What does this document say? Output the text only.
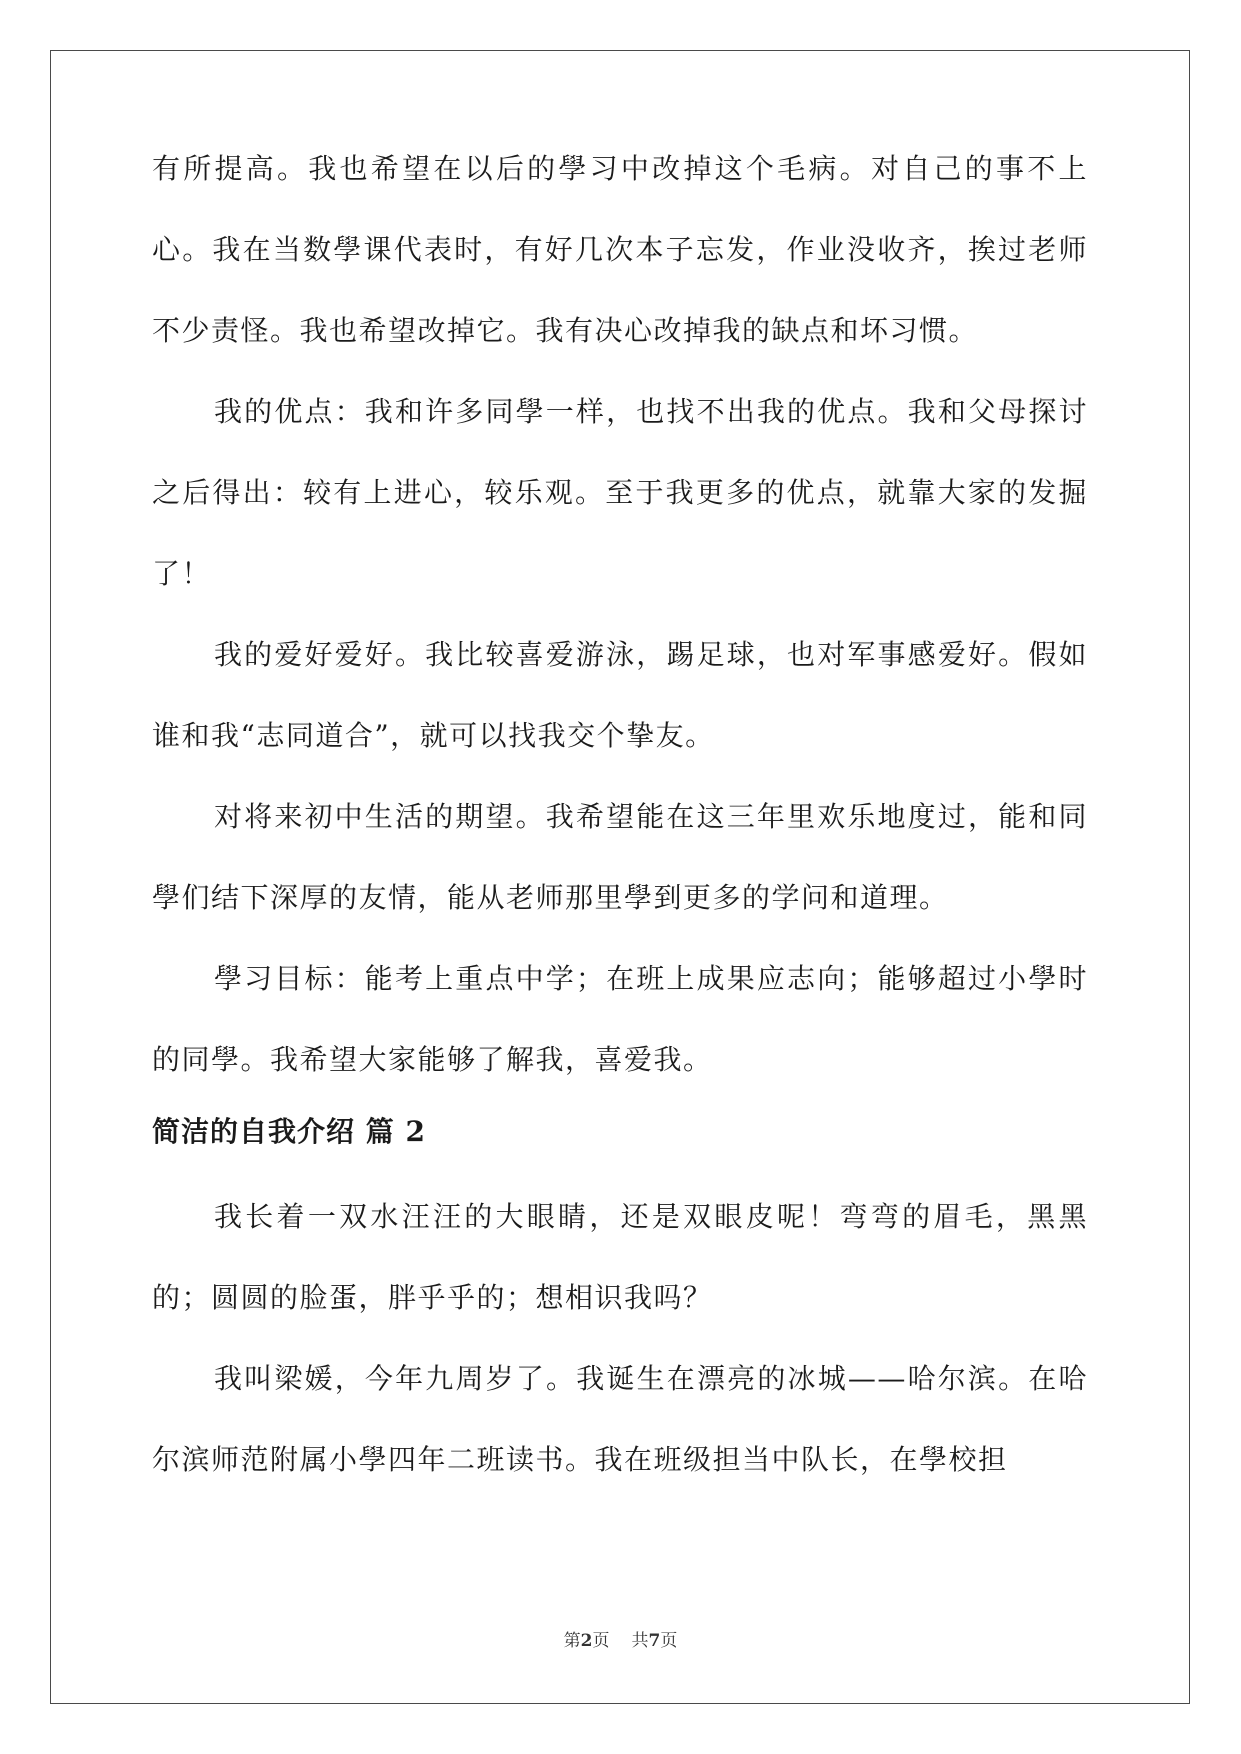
有所提高。我也希望在以后的學习中改掉这个毛病。对自己的事不上心。我在当数學课代表时，有好几次本子忘发，作业没收齐，挨过老师不少责怪。我也希望改掉它。我有决心改掉我的缺点和坏习惯。

我的优点：我和许多同學一样，也找不出我的优点。我和父母探讨之后得出：较有上进心，较乐观。至于我更多的优点，就靠大家的发掘了！

我的爱好爱好。我比较喜爱游泳，踢足球，也对军事感爱好。假如谁和我“志同道合”，就可以找我交个挚友。

对将来初中生活的期望。我希望能在这三年里欢乐地度过，能和同學们结下深厚的友情，能从老师那里學到更多的学问和道理。

學习目标：能考上重点中学；在班上成果应志向；能够超过小學时的同學。我希望大家能够了解我，喜爱我。

简洁的自我介绍 篇 2

我长着一双水汪汪的大眼睛，还是双眼皮呢！弯弯的眉毛，黑黑的；圆圆的脸蛋，胖乎乎的；想相识我吗？

我叫梁媛，今年九周岁了。我诞生在漂亮的冰城——哈尔滨。在哈尔滨师范附属小學四年二班读书。我在班级担当中队长，在學校担

第2页 共7页
